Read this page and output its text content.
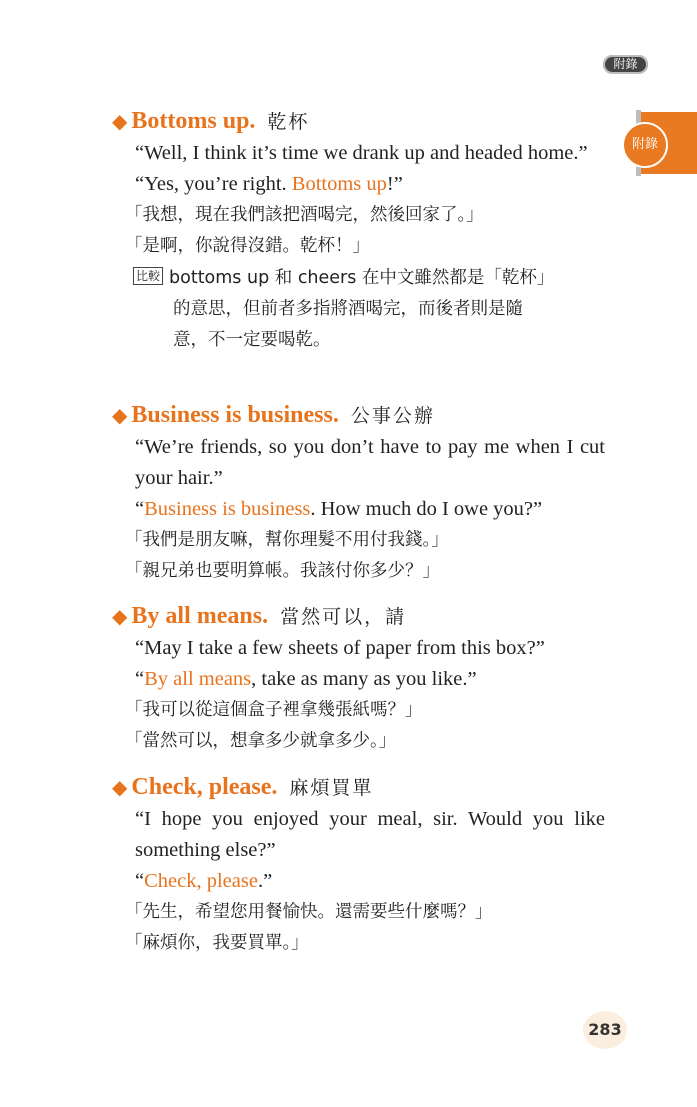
附錄
附錄
◆ Bottoms up. 乾杯
“Well, I think it’s time we drank up and headed home.”
“Yes, you’re right. Bottoms up!”
「我想，現在我們該把酒喝完，然後回家了。」
「是啊，你說得沒錯。乾杯！」
比較 bottoms up 和 cheers 在中文雖然都是「乾杯」
的意思，但前者多指將酒喝完，而後者則是隨
意，不一定要喝乾。
◆ Business is business. 公事公辦
“We’re friends, so you don’t have to pay me when I cut your hair.”
“Business is business. How much do I owe you?”
「我們是朋友嘛，幫你理髮不用付我錢。」
「親兄弟也要明算帳。我該付你多少？」
◆ By all means. 當然可以，請
“May I take a few sheets of paper from this box?”
“By all means, take as many as you like.”
「我可以從這個盒子裡拿幾張紙嗎？」
「當然可以，想拿多少就拿多少。」
◆ Check, please. 麻煩買單
“I hope you enjoyed your meal, sir. Would you like something else?”
“Check, please.”
「先生，希望您用餐愉快。還需要些什麼嗎？」
「麻煩你，我要買單。」
283
